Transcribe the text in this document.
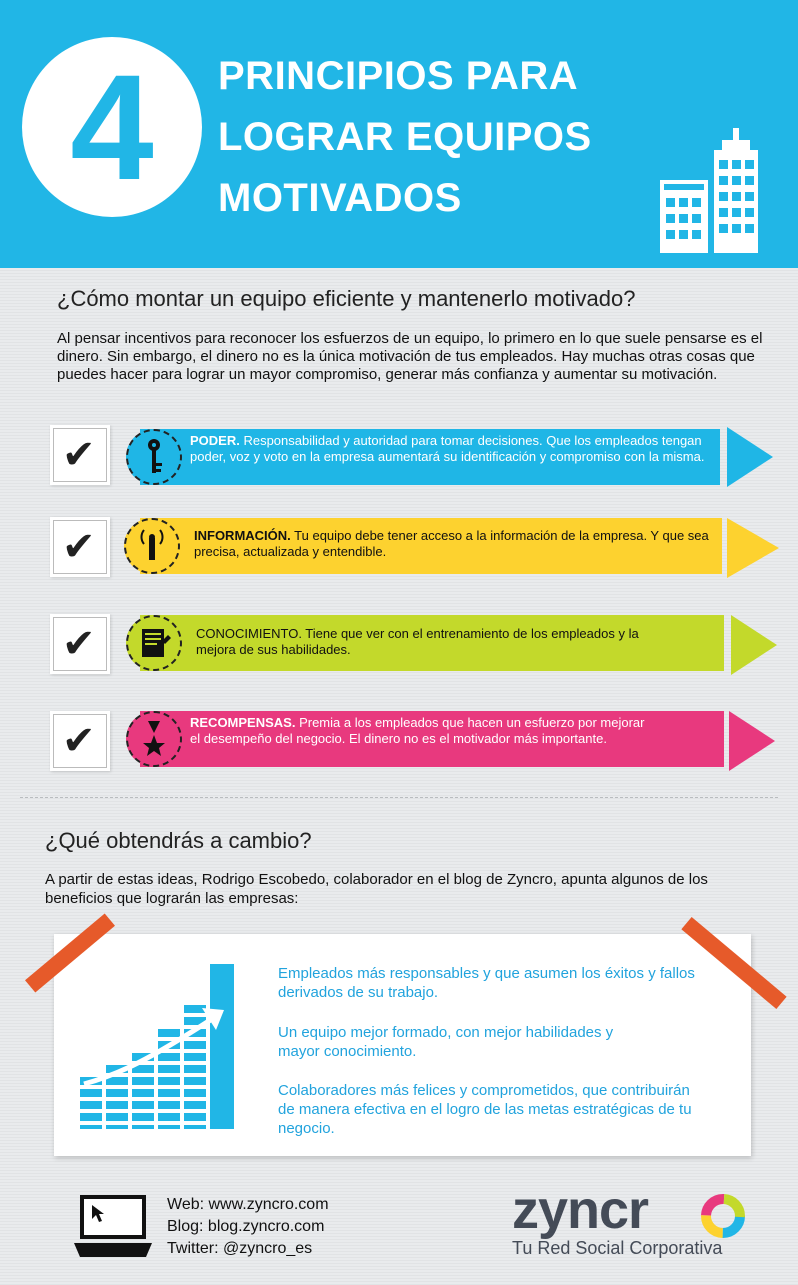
4	PRINCIPIOS PARA
LOGRAR EQUIPOS
MOTIVADOS
¿Cómo montar un equipo eficiente y mantenerlo motivado?
Al pensar incentivos para reconocer los esfuerzos de un equipo, lo primero en lo que suele pensarse es el dinero. Sin embargo, el dinero no es la única motivación de tus empleados. Hay muchas otras cosas que puedes hacer para lograr un mayor compromiso, generar más confianza y aumentar su motivación.
✔	PODER. Responsabilidad y autoridad para tomar decisiones. Que los empleados tengan poder, voz y voto en la empresa aumentará su identificación y compromiso con la misma.
✔	INFORMACIÓN. Tu equipo debe tener acceso a la información de la empresa. Y que sea precisa, actualizada y entendible.
✔	CONOCIMIENTO. Tiene que ver con el entrenamiento de los empleados y la mejora de sus habilidades.
✔	RECOMPENSAS. Premia a los empleados que hacen un esfuerzo por mejorar el desempeño del negocio. El dinero no es el motivador más importante.
¿Qué obtendrás a cambio?
A partir de estas ideas, Rodrigo Escobedo, colaborador en el blog de Zyncro, apunta algunos de los beneficios que lograrán las empresas:
Empleados más responsables y que asumen los éxitos y fallos derivados de su trabajo.
Un equipo mejor formado, con mejor habilidades y mayor conocimiento.
Colaboradores más felices y comprometidos, que contribuirán de manera efectiva en el logro de las metas estratégicas de tu negocio.
Web: www.zyncro.com
Blog: blog.zyncro.com
Twitter: @zyncro_es
zyncr
Tu Red Social Corporativa
